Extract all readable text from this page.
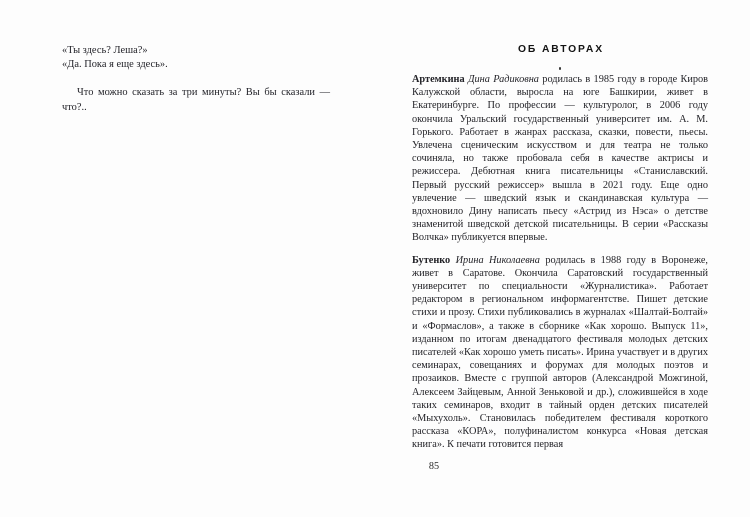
«Ты здесь? Леша?»

«Да. Пока я еще здесь».

Что можно сказать за три минуты? Вы бы сказали — что?..

ОБ АВТОРАХ

Артемкина Дина Радиковна родилась в 1985 году в городе Киров Калужской области, выросла на юге Башкирии, живет в Екатеринбурге. По профессии — культуролог, в 2006 году окончила Уральский государственный университет им. А. М. Горького. Работает в жанрах рассказа, сказки, повести, пьесы. Увлечена сценическим искусством и для театра не только сочиняла, но также пробовала себя в качестве актрисы и режиссера. Дебютная книга писательницы «Станиславский. Первый русский режиссер» вышла в 2021 году. Еще одно увлечение — шведский язык и скандинавская культура — вдохновило Дину написать пьесу «Астрид из Нэса» о детстве знаменитой шведской детской писательницы. В серии «Рассказы Волчка» публикуется впервые.

Бутенко Ирина Николаевна родилась в 1988 году в Воронеже, живет в Саратове. Окончила Саратовский государственный университет по специальности «Журналистика». Работает редактором в региональном информагентстве. Пишет детские стихи и прозу. Стихи публиковались в журналах «Шалтай-Болтай» и «Формаслов», а также в сборнике «Как хорошо. Выпуск 11», изданном по итогам двенадцатого фестиваля молодых детских писателей «Как хорошо уметь писать». Ирина участвует и в других семинарах, совещаниях и форумах для молодых поэтов и прозаиков. Вместе с группой авторов (Александрой Можгиной, Алексеем Зайцевым, Анной Зеньковой и др.), сложившейся в ходе таких семинаров, входит в тайный орден детских писателей «Мыхухоль». Становилась победителем фестиваля короткого рассказа «КОРА», полуфиналистом конкурса «Новая детская книга». К печати готовится первая

85
